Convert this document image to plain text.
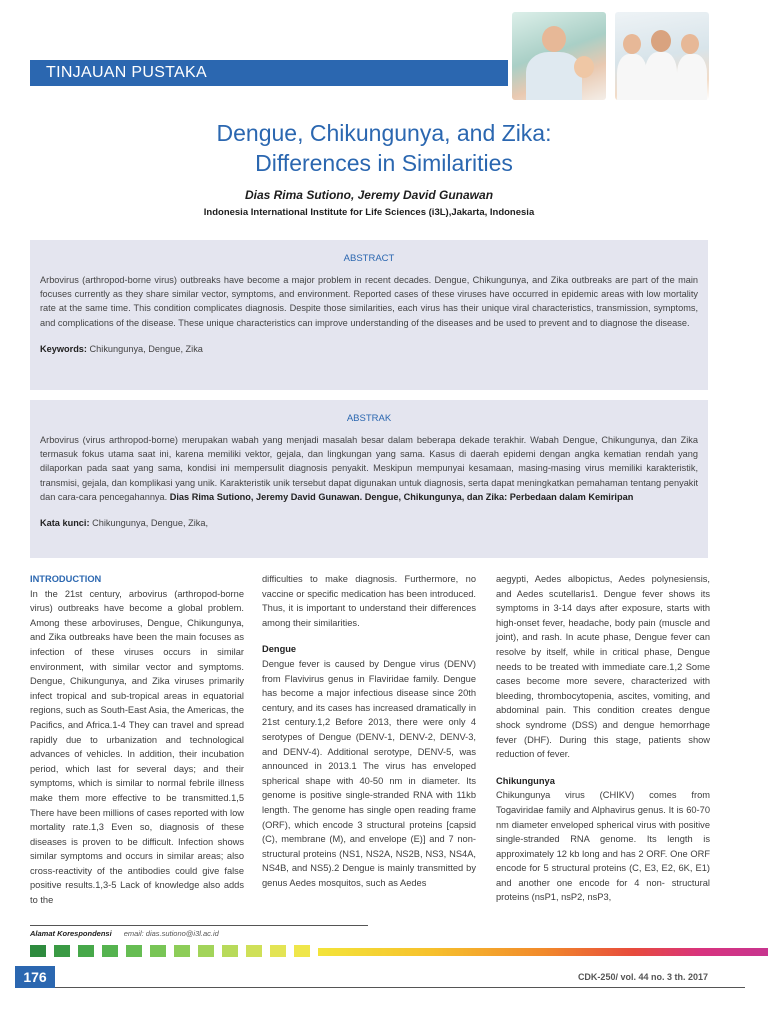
TINJAUAN PUSTAKA
Dengue, Chikungunya, and Zika:
Differences in Similarities
Dias Rima Sutiono, Jeremy David Gunawan
Indonesia International Institute for Life Sciences (i3L),Jakarta, Indonesia
ABSTRACT
Arbovirus (arthropod-borne virus) outbreaks have become a major problem in recent decades. Dengue, Chikungunya, and Zika outbreaks are part of the main focuses currently as they share similar vector, symptoms, and environment. Reported cases of these viruses have occurred in epidemic areas with low mortality rate at the same time. This condition complicates diagnosis. Despite those similarities, each virus has their unique viral characteristics, transmission, symptoms, and complications of the disease. These unique characteristics can improve understanding of the diseases and be used to prevent and to diagnose the disease.
Keywords: Chikungunya, Dengue, Zika
ABSTRAK
Arbovirus (virus arthropod-borne) merupakan wabah yang menjadi masalah besar dalam beberapa dekade terakhir. Wabah Dengue, Chikungunya, dan Zika termasuk fokus utama saat ini, karena memiliki vektor, gejala, dan lingkungan yang sama. Kasus di daerah epidemi dengan angka kematian rendah yang dilaporkan pada saat yang sama, kondisi ini mempersulit diagnosis penyakit. Meskipun mempunyai kesamaan, masing-masing virus memiliki karakteristik, transmisi, gejala, dan komplikasi yang unik. Karakteristik unik tersebut dapat digunakan untuk diagnosis, serta dapat meningkatkan pemahaman tentang penyakit dan cara-cara pencegahannya. Dias Rima Sutiono, Jeremy David Gunawan. Dengue, Chikungunya, dan Zika: Perbedaan dalam Kemiripan
Kata kunci: Chikungunya, Dengue, Zika,
INTRODUCTION

In the 21st century, arbovirus (arthropod-borne virus) outbreaks have become a global problem. Among these arboviruses, Dengue, Chikungunya, and Zika outbreaks have been the main focuses as infection of these viruses occurs in similar environment, with similar vector and symptoms. Dengue, Chikungunya, and Zika viruses primarily infect tropical and sub-tropical areas in equatorial regions, such as South-East Asia, the Americas, the Pacifics, and Africa.1-4 They can travel and spread rapidly due to urbanization and technological advances of vehicles. In addition, their incubation period, which last for several days; and their symptoms, which is similar to normal febrile illness make them more effective to be transmitted.1,5 There have been millions of cases reported with low mortality rate.1,3 Even so, diagnosis of these diseases is proven to be difficult. Infection shows similar symptoms and occurs in similar areas; also cross-reactivity of the antibodies could give false positive results.1,3-5 Lack of knowledge also adds to the

difficulties to make diagnosis. Furthermore, no vaccine or specific medication has been introduced. Thus, it is important to understand their differences among their similarities.

Dengue

Dengue fever is caused by Dengue virus (DENV) from Flavivirus genus in Flaviridae family. Dengue has become a major infectious disease since 20th century, and its cases has increased dramatically in 21st century.1,2 Before 2013, there were only 4 serotypes of Dengue (DENV-1, DENV-2, DENV-3, and DENV-4). Additional serotype, DENV-5, was announced in 2013.1 The virus has enveloped spherical shape with 40-50 nm in diameter. Its genome is positive single-stranded RNA with 11kb length. The genome has single open reading frame (ORF), which encode 3 structural proteins [capsid (C), membrane (M), and envelope (E)] and 7 non-structural proteins (NS1, NS2A, NS2B, NS3, NS4A, NS4B, and NS5).2 Dengue is mainly transmitted by genus Aedes mosquitos, such as Aedes

aegypti, Aedes albopictus, Aedes polynesiensis, and Aedes scutellaris1. Dengue fever shows its symptoms in 3-14 days after exposure, starts with high-onset fever, headache, body pain (muscle and joint), and rash. In acute phase, Dengue fever can resolve by itself, while in critical phase, Dengue needs to be treated with immediate care.1,2 Some cases become more severe, characterized with bleeding, thrombocytopenia, ascites, vomiting, and abdominal pain. This condition creates dengue shock syndrome (DSS) and dengue hemorrhage fever (DHF). During this stage, patients show reduction of fever.

Chikungunya

Chikungunya virus (CHIKV) comes from Togaviridae family and Alphavirus genus. It is 60-70 nm diameter enveloped spherical virus with positive single-stranded RNA genome. Its length is approximately 12 kb long and has 2 ORF. One ORF encode for 5 structural proteins (C, E3, E2, 6K, E1) and another one encode for 4 non- structural proteins (nsP1, nsP2, nsP3,

Alamat Korespondensi email: dias.sutiono@i3l.ac.id
176	CDK-250/ vol. 44 no. 3 th. 2017
